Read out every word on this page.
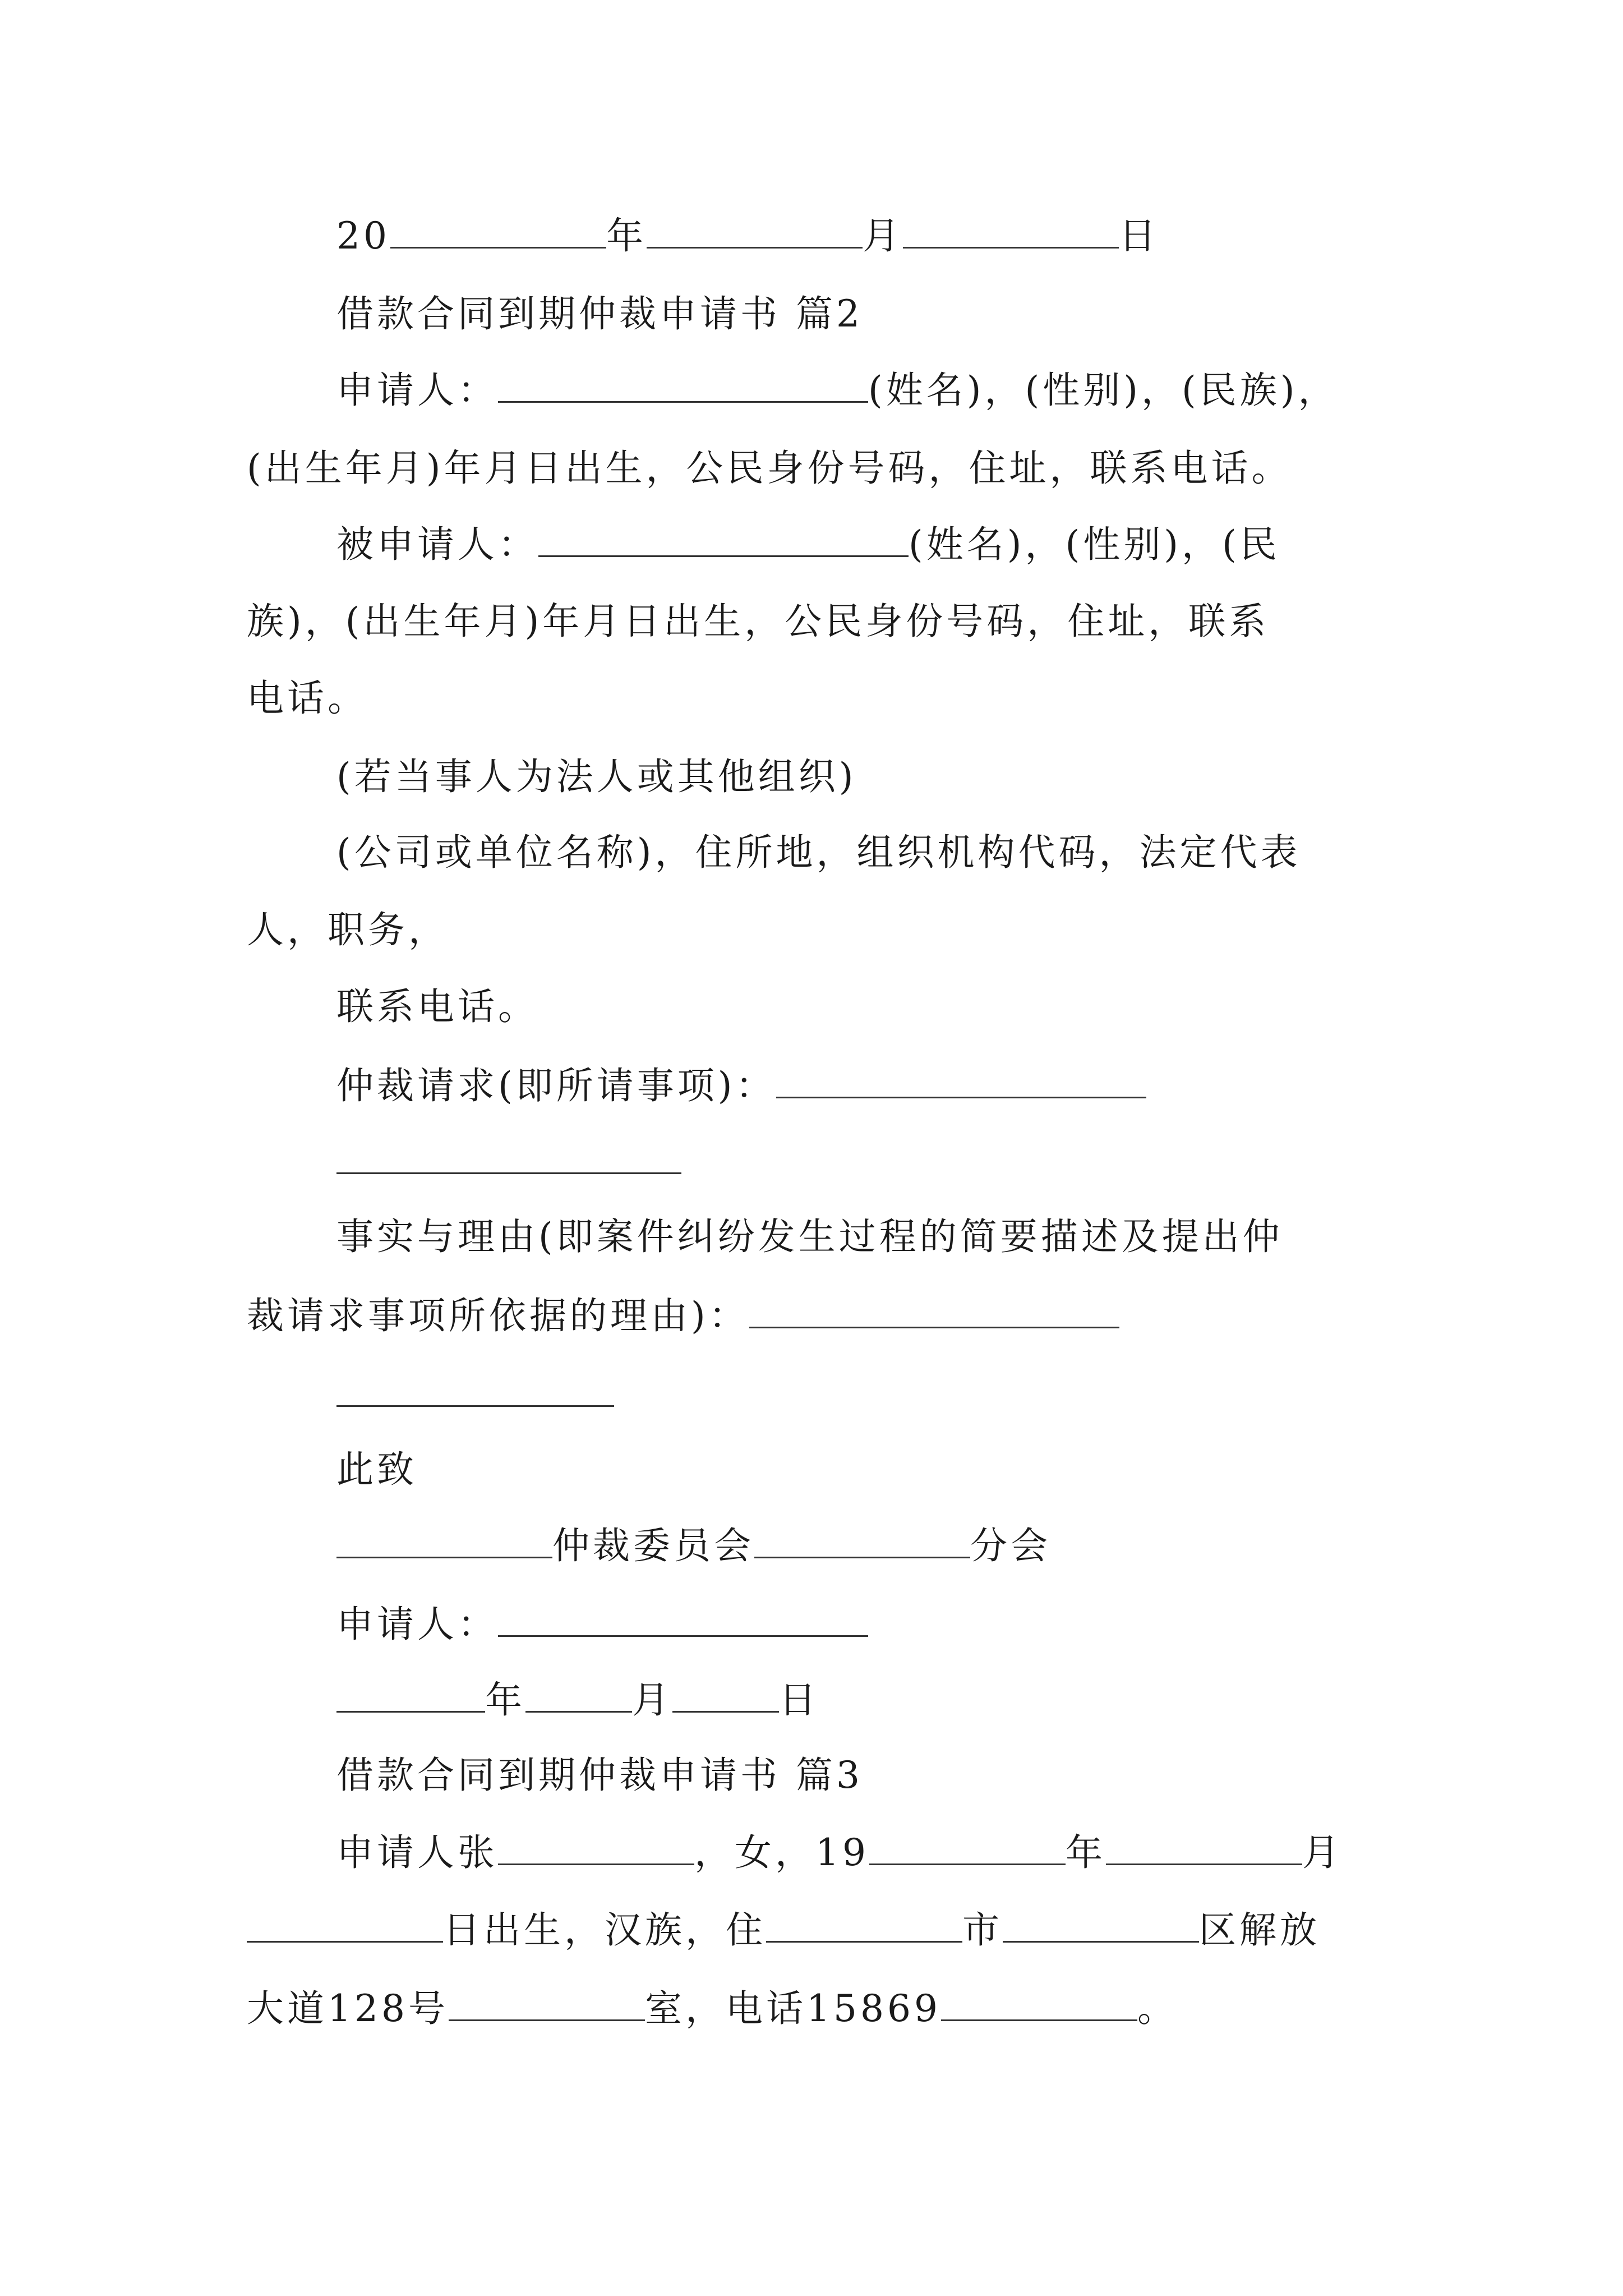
20	年	月	日
借款合同到期仲裁申请书 篇2
申请人：	(姓名)，(性别)，(民族)，
(出生年月)年月日出生，公民身份号码，住址，联系电话。
被申请人：	(姓名)，(性别)，(民
族)，(出生年月)年月日出生，公民身份号码，住址，联系
电话。
(若当事人为法人或其他组织)
(公司或单位名称)，住所地，组织机构代码，法定代表
人，职务，
联系电话。
仲裁请求(即所请事项)：
事实与理由(即案件纠纷发生过程的简要描述及提出仲
裁请求事项所依据的理由)：
此致
仲裁委员会	分会
申请人：
年	月	日
借款合同到期仲裁申请书 篇3
申请人张	，女，19	年	月
日出生，汉族，住	市	区解放
大道128号	室，电话15869	。
